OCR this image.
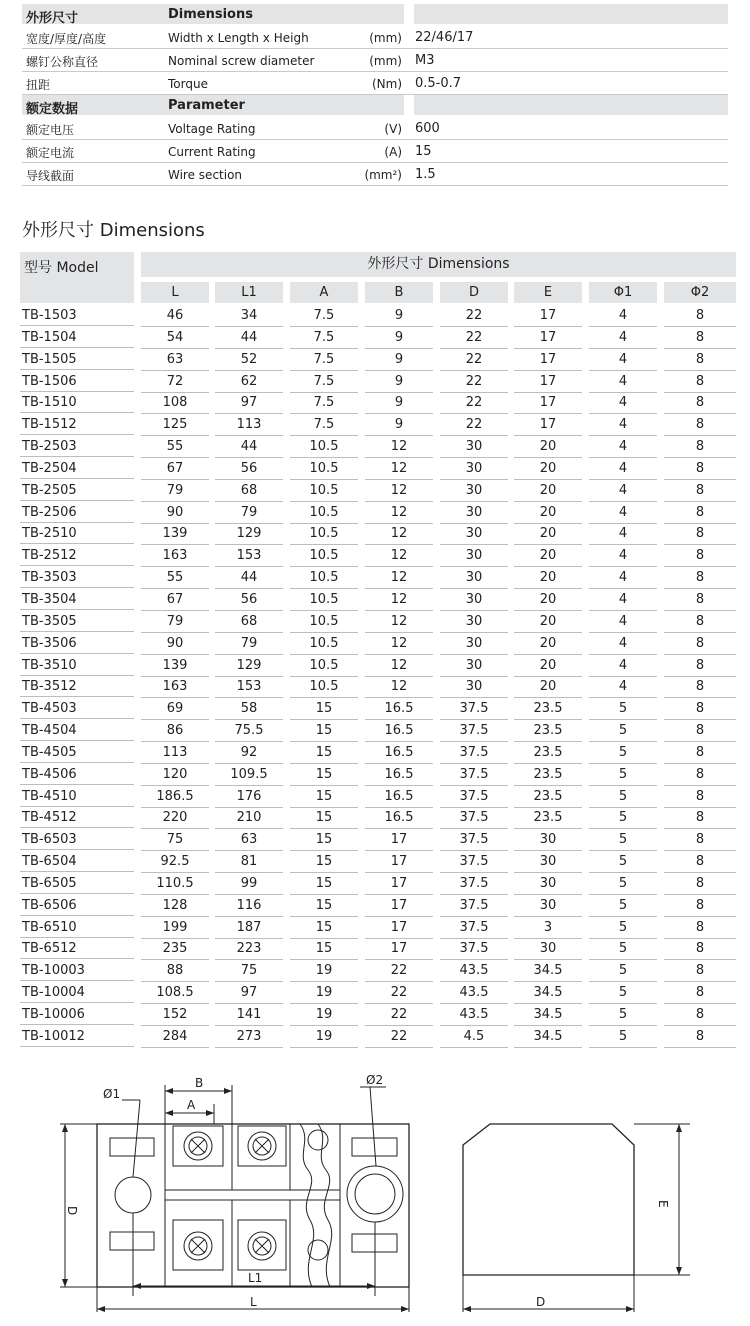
外形尺寸	Dimensions
宽度/厚度/高度	Width x Length x Heigh	(mm) 22/46/17
螺钉公称直径	Nominal screw diameter	(mm) M3
扭距	Torque	(Nm) 0.5-0.7
额定数据	Parameter
额定电压	Voltage Rating	(V) 600
额定电流	Current Rating	(A) 15
导线截面	Wire section	(mm²) 1.5
外形尺寸 Dimensions
型号 Model	外形尺寸 Dimensions
L	L1	A	B	D	E	Φ1	Φ2
TB-1503	46	34	7.5	9	22	17	4	8
TB-1504	54	44	7.5	9	22	17	4	8
TB-1505	63	52	7.5	9	22	17	4	8
TB-1506	72	62	7.5	9	22	17	4	8
TB-1510	108	97	7.5	9	22	17	4	8
TB-1512	125	113	7.5	9	22	17	4	8
TB-2503	55	44	10.5	12	30	20	4	8
TB-2504	67	56	10.5	12	30	20	4	8
TB-2505	79	68	10.5	12	30	20	4	8
TB-2506	90	79	10.5	12	30	20	4	8
TB-2510	139	129	10.5	12	30	20	4	8
TB-2512	163	153	10.5	12	30	20	4	8
TB-3503	55	44	10.5	12	30	20	4	8
TB-3504	67	56	10.5	12	30	20	4	8
TB-3505	79	68	10.5	12	30	20	4	8
TB-3506	90	79	10.5	12	30	20	4	8
TB-3510	139	129	10.5	12	30	20	4	8
TB-3512	163	153	10.5	12	30	20	4	8
TB-4503	69	58	15	16.5	37.5	23.5	5	8
TB-4504	86	75.5	15	16.5	37.5	23.5	5	8
TB-4505	113	92	15	16.5	37.5	23.5	5	8
TB-4506	120	109.5	15	16.5	37.5	23.5	5	8
TB-4510	186.5	176	15	16.5	37.5	23.5	5	8
TB-4512	220	210	15	16.5	37.5	23.5	5	8
TB-6503	75	63	15	17	37.5	30	5	8
TB-6504	92.5	81	15	17	37.5	30	5	8
TB-6505	110.5	99	15	17	37.5	30	5	8
TB-6506	128	116	15	17	37.5	30	5	8
TB-6510	199	187	15	17	37.5	3	5	8
TB-6512	235	223	15	17	37.5	30	5	8
TB-10003	88	75	19	22	43.5	34.5	5	8
TB-10004	108.5	97	19	22	43.5	34.5	5	8
TB-10006	152	141	19	22	43.5	34.5	5	8
TB-10012	284	273	19	22	4.5	34.5	5	8
Ø1
Ø2
B
A
D
L1
L	D
E
